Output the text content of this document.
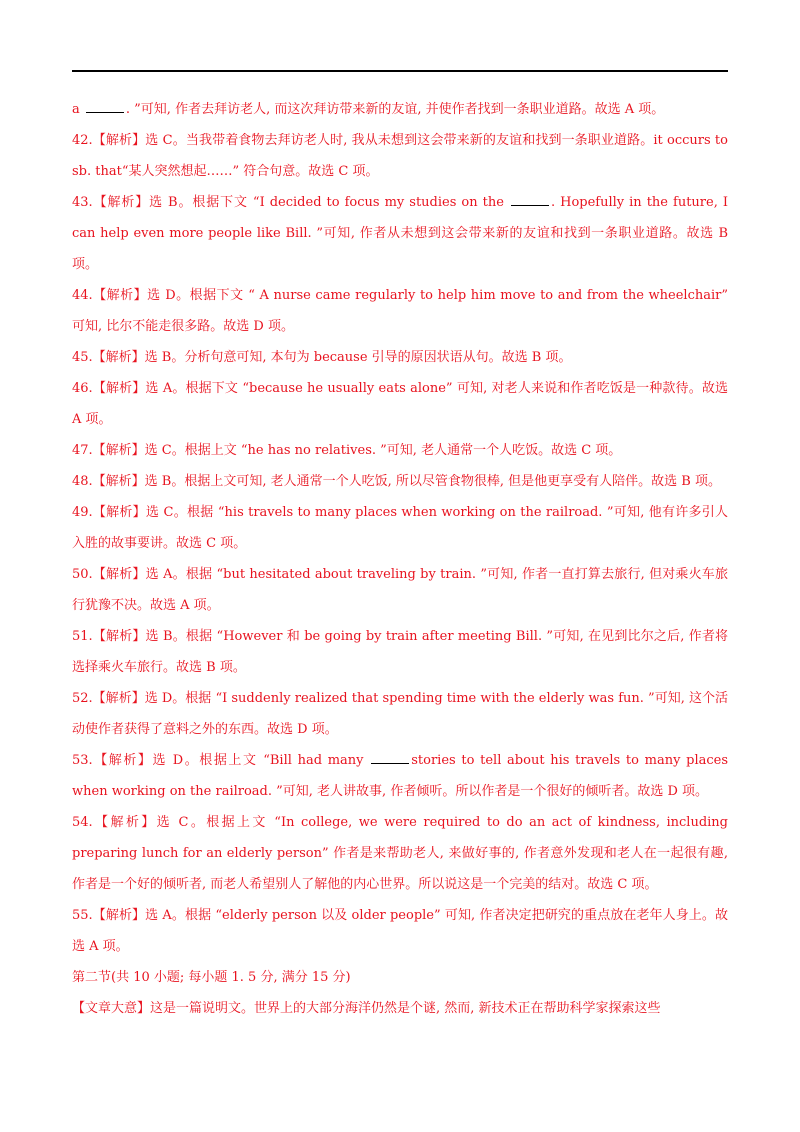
a	. ”可知, 作者去拜访老人, 而这次拜访带来新的友谊, 并使作者找到一条职业道路。故选 A 项。

42.【解析】选 C。当我带着食物去拜访老人时, 我从未想到这会带来新的友谊和找到一条职业道路。it occurs to sb. that“某人突然想起……” 符合句意。故选 C 项。

43.【解析】选 B。根据下文 “I decided to focus my studies on the	. Hopefully in the future, I can help even more people like Bill. ”可知, 作者从未想到这会带来新的友谊和找到一条职业道路。故选 B 项。

44.【解析】选 D。根据下文 “ A nurse came regularly to help him move to and from the wheelchair” 可知, 比尔不能走很多路。故选 D 项。

45.【解析】选 B。分析句意可知, 本句为 because 引导的原因状语从句。故选 B 项。

46.【解析】选 A。根据下文 “because he usually eats alone” 可知, 对老人来说和作者吃饭是一种款待。故选 A 项。

47.【解析】选 C。根据上文 “he has no relatives. ”可知, 老人通常一个人吃饭。故选 C 项。

48.【解析】选 B。根据上文可知, 老人通常一个人吃饭, 所以尽管食物很棒, 但是他更享受有人陪伴。故选 B 项。

49.【解析】选 C。根据 “his travels to many places when working on the railroad. ”可知, 他有许多引人入胜的故事要讲。故选 C 项。

50.【解析】选 A。根据 “but hesitated about traveling by train. ”可知, 作者一直打算去旅行, 但对乘火车旅行犹豫不决。故选 A 项。

51.【解析】选 B。根据 “However 和 be going by train after meeting Bill. ”可知, 在见到比尔之后, 作者将选择乘火车旅行。故选 B 项。

52.【解析】选 D。根据 “I suddenly realized that spending time with the elderly was fun. ”可知, 这个活动使作者获得了意料之外的东西。故选 D 项。

53.【解析】选 D。根据上文 “Bill had many	stories to tell about his travels to many places when working on the railroad. ”可知, 老人讲故事, 作者倾听。所以作者是一个很好的倾听者。故选 D 项。

54.【解析】选 C。根据上文 “In college, we were required to do an act of kindness, including preparing lunch for an elderly person” 作者是来帮助老人, 来做好事的, 作者意外发现和老人在一起很有趣, 作者是一个好的倾听者, 而老人希望别人了解他的内心世界。所以说这是一个完美的结对。故选 C 项。

55.【解析】选 A。根据 “elderly person 以及 older people” 可知, 作者决定把研究的重点放在老年人身上。故选 A 项。

第二节(共 10 小题; 每小题 1. 5 分, 满分 15 分)

【文章大意】这是一篇说明文。世界上的大部分海洋仍然是个谜, 然而, 新技术正在帮助科学家探索这些
